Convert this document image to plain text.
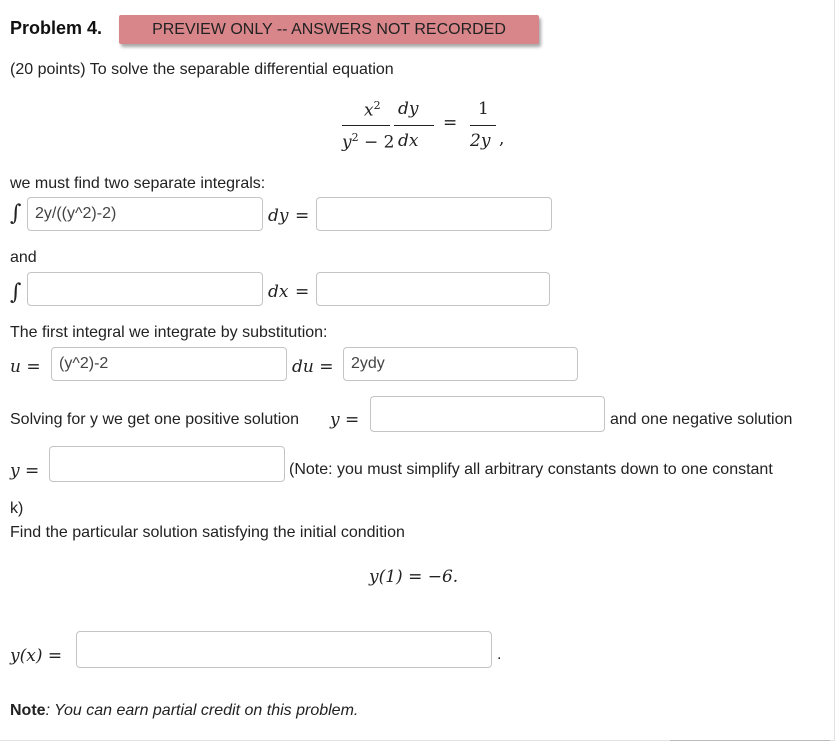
Problem 4.	PREVIEW ONLY -- ANSWERS NOT RECORDED
(20 points) To solve the separable differential equation
$x^2$
$y^2 - 2$
dy
dx
=
1
2y ,
we must find two separate integrals:
∫ 2y/((y^2)-2)	dy =
and
∫	dx =
The first integral we integrate by substitution:
u =	(y^2)-2	du =	2ydy
Solving for y we get one positive solution y =	and one negative solution
y =	(Note: you must simplify all arbitrary constants down to one constant
k)
Find the particular solution satisfying the initial condition
y(1) = −6.
y(x) =	.
Note: You can earn partial credit on this problem.
